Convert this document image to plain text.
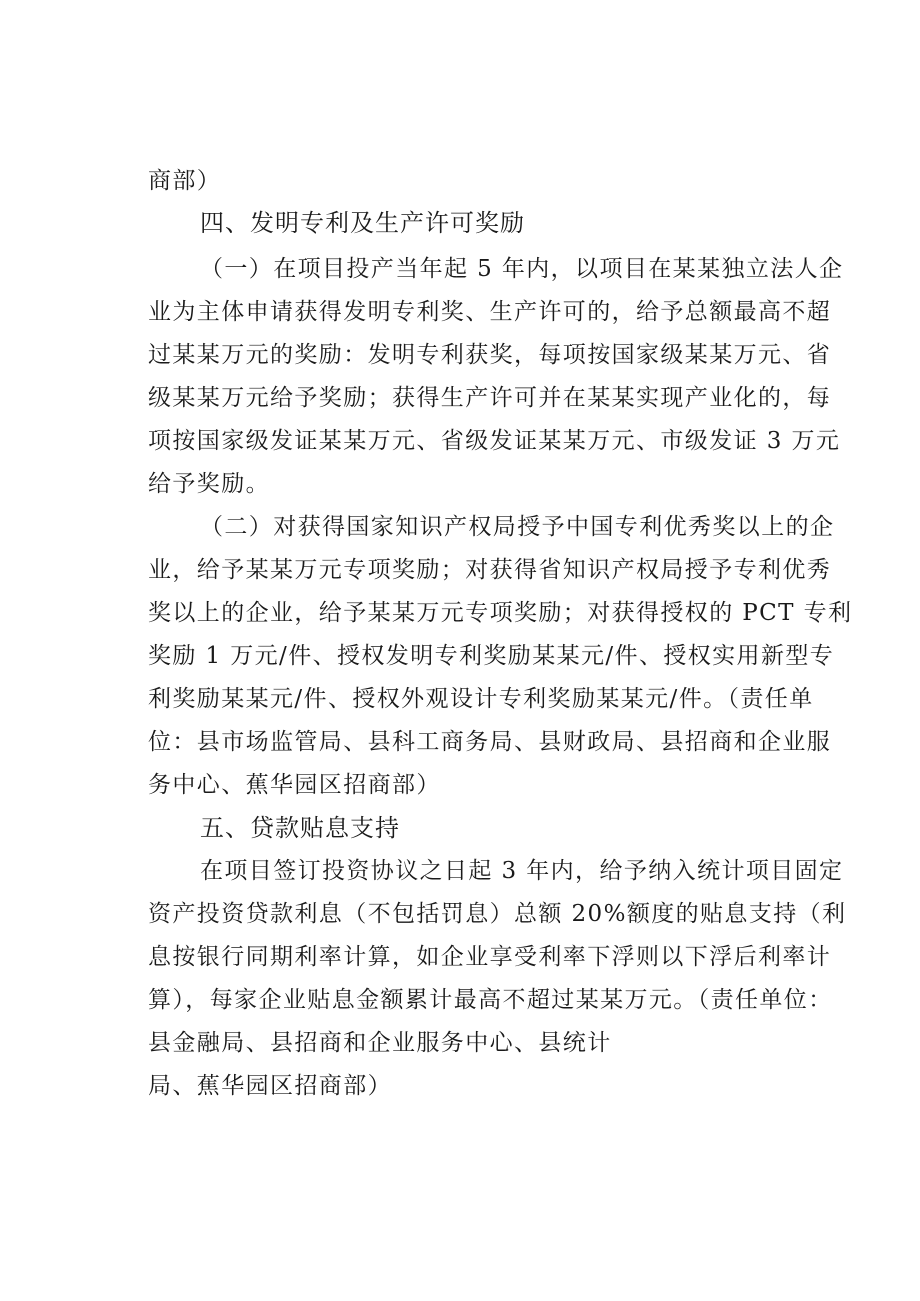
商部）
四、发明专利及生产许可奖励
（一）在项目投产当年起 5 年内，以项目在某某独立法人企
业为主体申请获得发明专利奖、生产许可的，给予总额最高不超
过某某万元的奖励：发明专利获奖，每项按国家级某某万元、省
级某某万元给予奖励；获得生产许可并在某某实现产业化的，每
项按国家级发证某某万元、省级发证某某万元、市级发证 3 万元
给予奖励。
（二）对获得国家知识产权局授予中国专利优秀奖以上的企
业，给予某某万元专项奖励；对获得省知识产权局授予专利优秀
奖以上的企业，给予某某万元专项奖励；对获得授权的 PCT 专利
奖励 1 万元/件、授权发明专利奖励某某元/件、授权实用新型专
利奖励某某元/件、授权外观设计专利奖励某某元/件。（责任单
位：县市场监管局、县科工商务局、县财政局、县招商和企业服
务中心、蕉华园区招商部）
五、贷款贴息支持
在项目签订投资协议之日起 3 年内，给予纳入统计项目固定
资产投资贷款利息（不包括罚息）总额 20%额度的贴息支持（利
息按银行同期利率计算，如企业享受利率下浮则以下浮后利率计
算），每家企业贴息金额累计最高不超过某某万元。（责任单位：
县金融局、县招商和企业服务中心、县统计
局、蕉华园区招商部）
